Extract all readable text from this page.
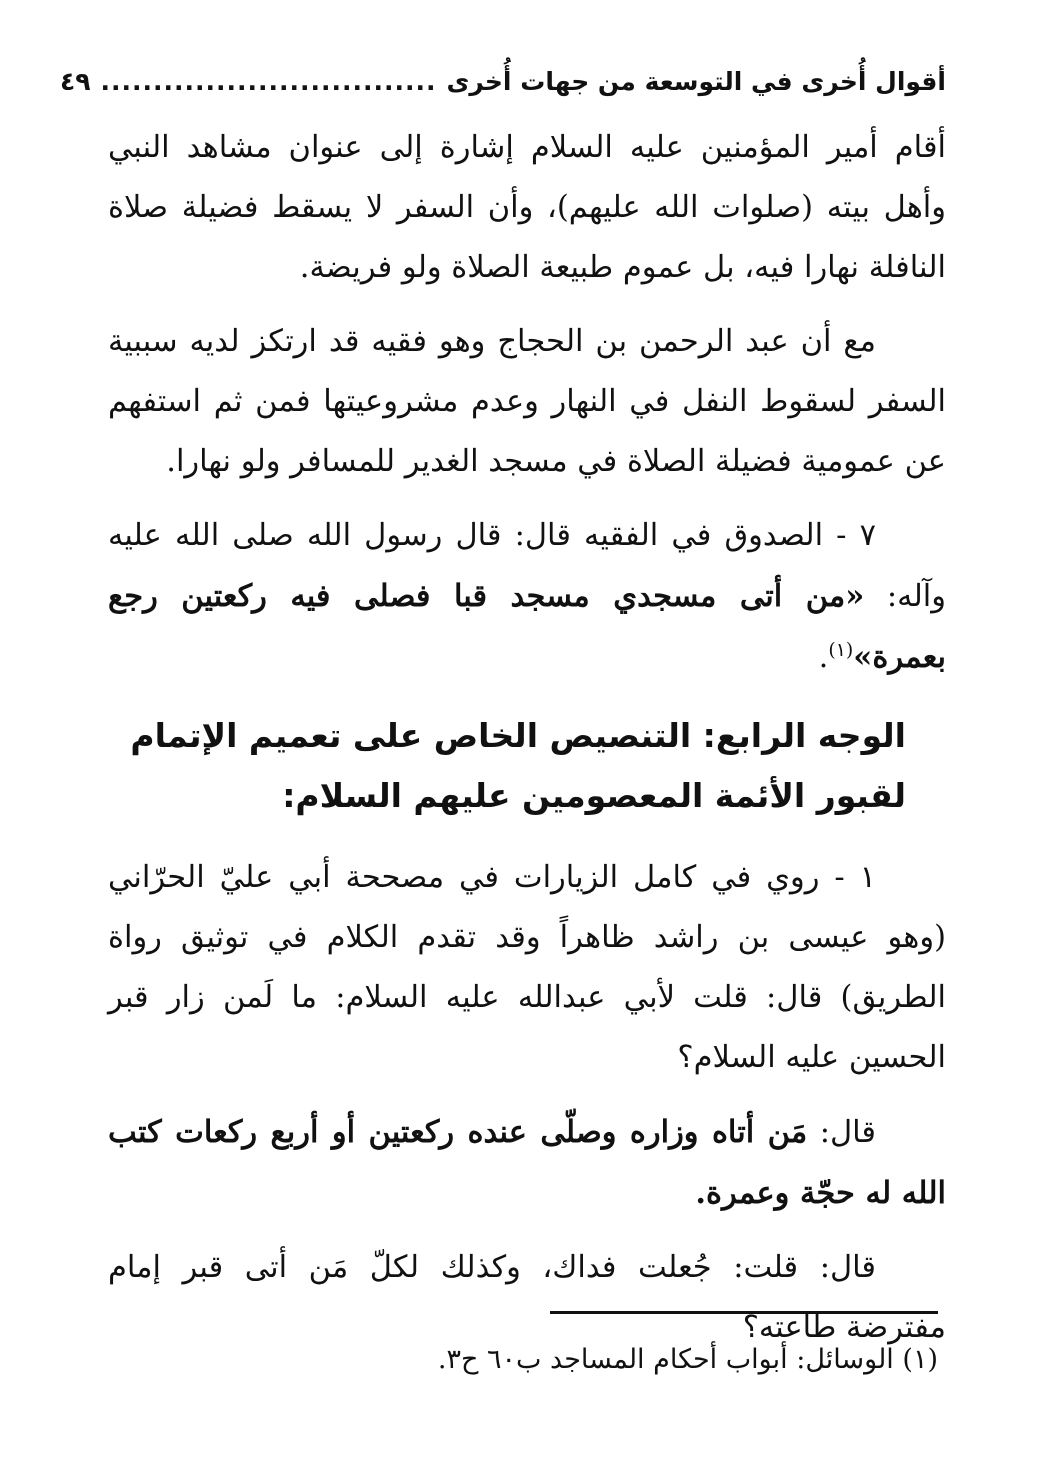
أقوال أُخرى في التوسعة من جهات أُخرى
................................
٤٩

أقام أمير المؤمنين عليه السلام إشارة إلى عنوان مشاهد النبي وأهل بيته (صلوات الله عليهم)، وأن السفر لا يسقط فضيلة صلاة النافلة نهارا فيه، بل عموم طبيعة الصلاة ولو فريضة.

مع أن عبد الرحمن بن الحجاج وهو فقيه قد ارتكز لديه سببية السفر لسقوط النفل في النهار وعدم مشروعيتها فمن ثم استفهم عن عمومية فضيلة الصلاة في مسجد الغدير للمسافر ولو نهارا.

٧ - الصدوق في الفقيه قال: قال رسول الله صلى الله عليه وآله: «من أتى مسجدي مسجد قبا فصلى فيه ركعتين رجع بعمرة»$^{(١)}$.

الوجه الرابع: التنصيص الخاص على تعميم الإتمام
لقبور الأئمة المعصومين عليهم السلام:

١ - روي في كامل الزيارات في مصححة أبي عليّ الحرّاني (وهو عيسى بن راشد ظاهراً وقد تقدم الكلام في توثيق رواة الطريق) قال: قلت لأبي عبدالله عليه السلام: ما لَمن زار قبر الحسين عليه السلام؟

قال: مَن أتاه وزاره وصلّى عنده ركعتين أو أربع ركعات كتب الله له حجّة وعمرة.

قال: قلت: جُعلت فداك، وكذلك لكلّ مَن أتى قبر إمام مفترضة طاعته؟

(١) الوسائل: أبواب أحكام المساجد ب٦٠ ح٣.
